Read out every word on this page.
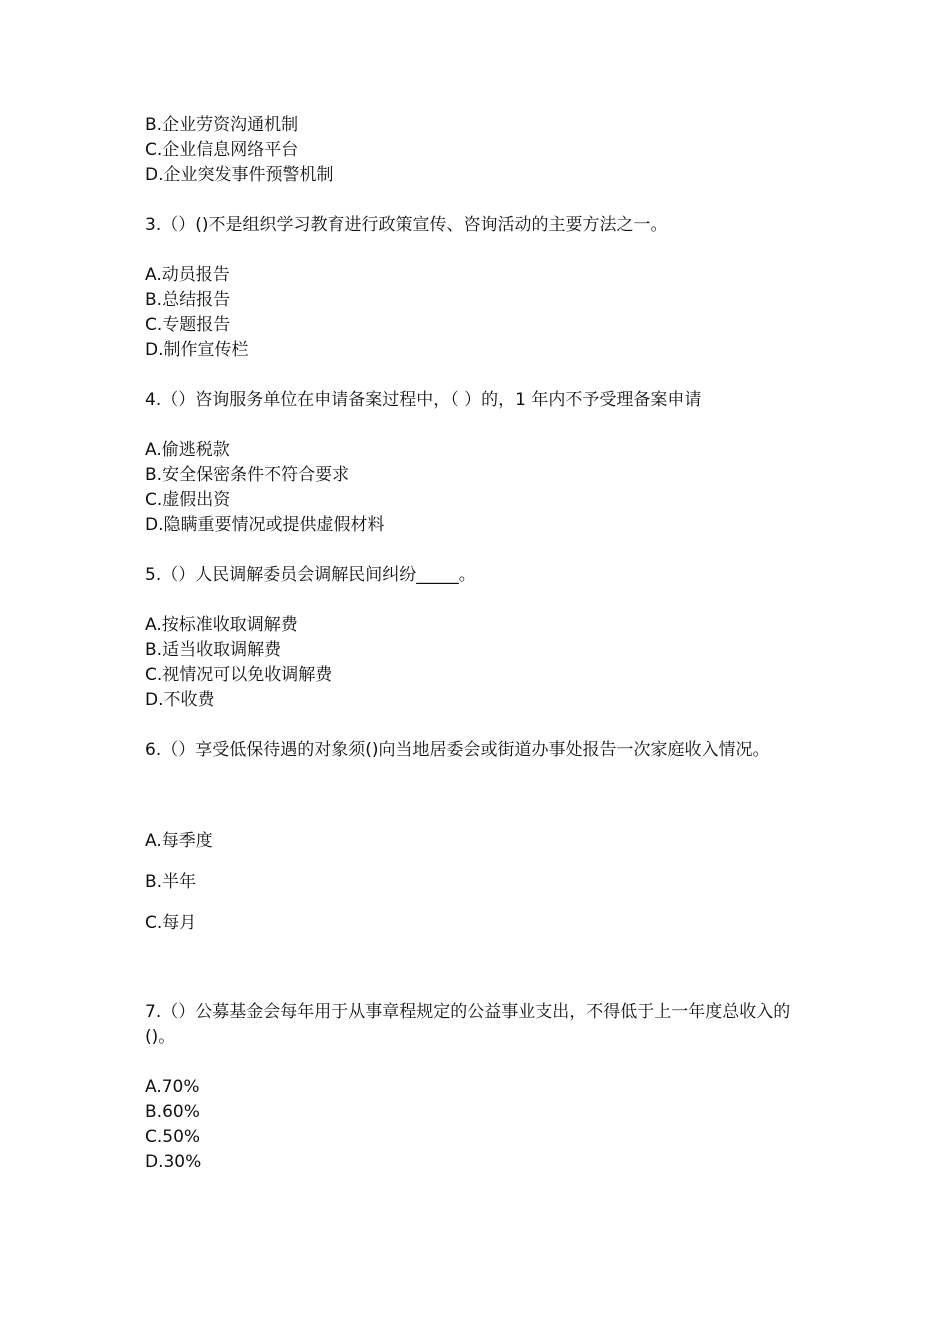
B.企业劳资沟通机制
C.企业信息网络平台
D.企业突发事件预警机制
3.（）()不是组织学习教育进行政策宣传、咨询活动的主要方法之一。
A.动员报告
B.总结报告
C.专题报告
D.制作宣传栏
4.（）咨询服务单位在申请备案过程中，（ ）的，1 年内不予受理备案申请
A.偷逃税款
B.安全保密条件不符合要求
C.虚假出资
D.隐瞒重要情况或提供虚假材料
5.（）人民调解委员会调解民间纠纷_____。
A.按标准收取调解费
B.适当收取调解费
C.视情况可以免收调解费
D.不收费
6.（）享受低保待遇的对象须()向当地居委会或街道办事处报告一次家庭收入情况。
A.每季度
B.半年
C.每月
7.（）公募基金会每年用于从事章程规定的公益事业支出，不得低于上一年度总收入的()。
A.70%
B.60%
C.50%
D.30%
